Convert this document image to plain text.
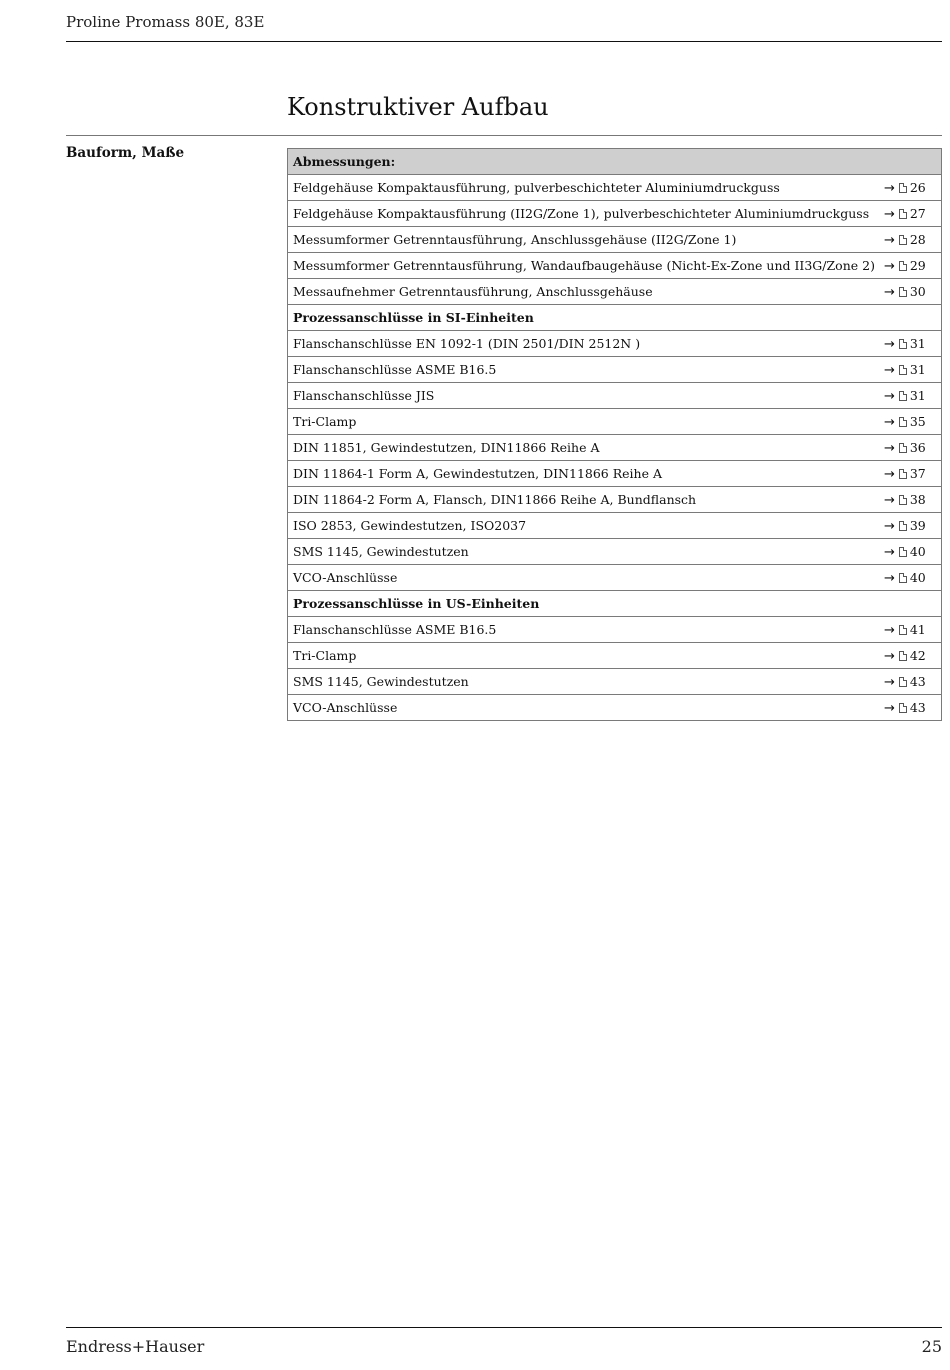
Proline Promass 80E, 83E
Konstruktiver Aufbau
Bauform, Maße
Abmessungen:	
Feldgehäuse Kompaktausführung, pulverbeschichteter Aluminiumdruckguss	→ 26
Feldgehäuse Kompaktausführung (II2G/Zone 1), pulverbeschichteter Aluminiumdruckguss	→ 27
Messumformer Getrenntausführung, Anschlussgehäuse (II2G/Zone 1)	→ 28
Messumformer Getrenntausführung, Wandaufbaugehäuse (Nicht-Ex-Zone und II3G/Zone 2)	→ 29
Messaufnehmer Getrenntausführung, Anschlussgehäuse	→ 30
Prozessanschlüsse in SI-Einheiten	
Flanschanschlüsse EN 1092-1 (DIN 2501/DIN 2512N )	→ 31
Flanschanschlüsse ASME B16.5	→ 31
Flanschanschlüsse JIS	→ 31
Tri-Clamp	→ 35
DIN 11851, Gewindestutzen, DIN11866 Reihe A	→ 36
DIN 11864-1 Form A, Gewindestutzen, DIN11866 Reihe A	→ 37
DIN 11864-2 Form A, Flansch, DIN11866 Reihe A, Bundflansch	→ 38
ISO 2853, Gewindestutzen, ISO2037	→ 39
SMS 1145, Gewindestutzen	→ 40
VCO-Anschlüsse	→ 40
Prozessanschlüsse in US-Einheiten	
Flanschanschlüsse ASME B16.5	→ 41
Tri-Clamp	→ 42
SMS 1145, Gewindestutzen	→ 43
VCO-Anschlüsse	→ 43
Endress+Hauser	25
